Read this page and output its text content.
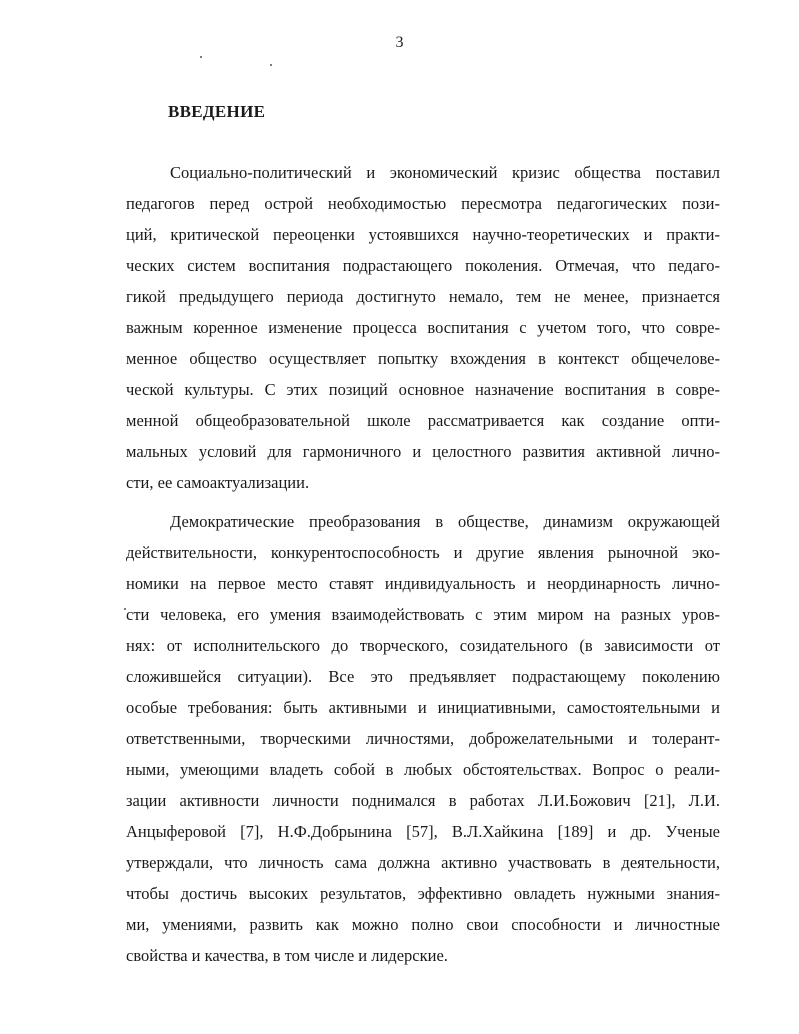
3
ВВЕДЕНИЕ
Социально-политический и экономический кризис общества поставил
педагогов перед острой необходимостью пересмотра педагогических пози-
ций, критической переоценки устоявшихся научно-теоретических и практи-
ческих систем воспитания подрастающего поколения. Отмечая, что педаго-
гикой предыдущего периода достигнуто немало, тем не менее, признается
важным коренное изменение процесса воспитания с учетом того, что совре-
менное общество осуществляет попытку вхождения в контекст общечелове-
ческой культуры. С этих позиций основное назначение воспитания в совре-
менной общеобразовательной школе рассматривается как создание опти-
мальных условий для гармоничного и целостного развития активной лично-
сти, ее самоактуализации.
Демократические преобразования в обществе, динамизм окружающей
действительности, конкурентоспособность и другие явления рыночной эко-
номики на первое место ставят индивидуальность и неординарность лично-
сти человека, его умения взаимодействовать с этим миром на разных уров-
нях: от исполнительского до творческого, созидательного (в зависимости от
сложившейся ситуации). Все это предъявляет подрастающему поколению
особые требования: быть активными и инициативными, самостоятельными и
ответственными, творческими личностями, доброжелательными и толерант-
ными, умеющими владеть собой в любых обстоятельствах. Вопрос о реали-
зации активности личности поднимался в работах Л.И.Божович [21], Л.И.
Анцыферовой [7], Н.Ф.Добрынина [57], В.Л.Хайкина [189] и др. Ученые
утверждали, что личность сама должна активно участвовать в деятельности,
чтобы достичь высоких результатов, эффективно овладеть нужными знания-
ми, умениями, развить как можно полно свои способности и личностные
свойства и качества, в том числе и лидерские.
